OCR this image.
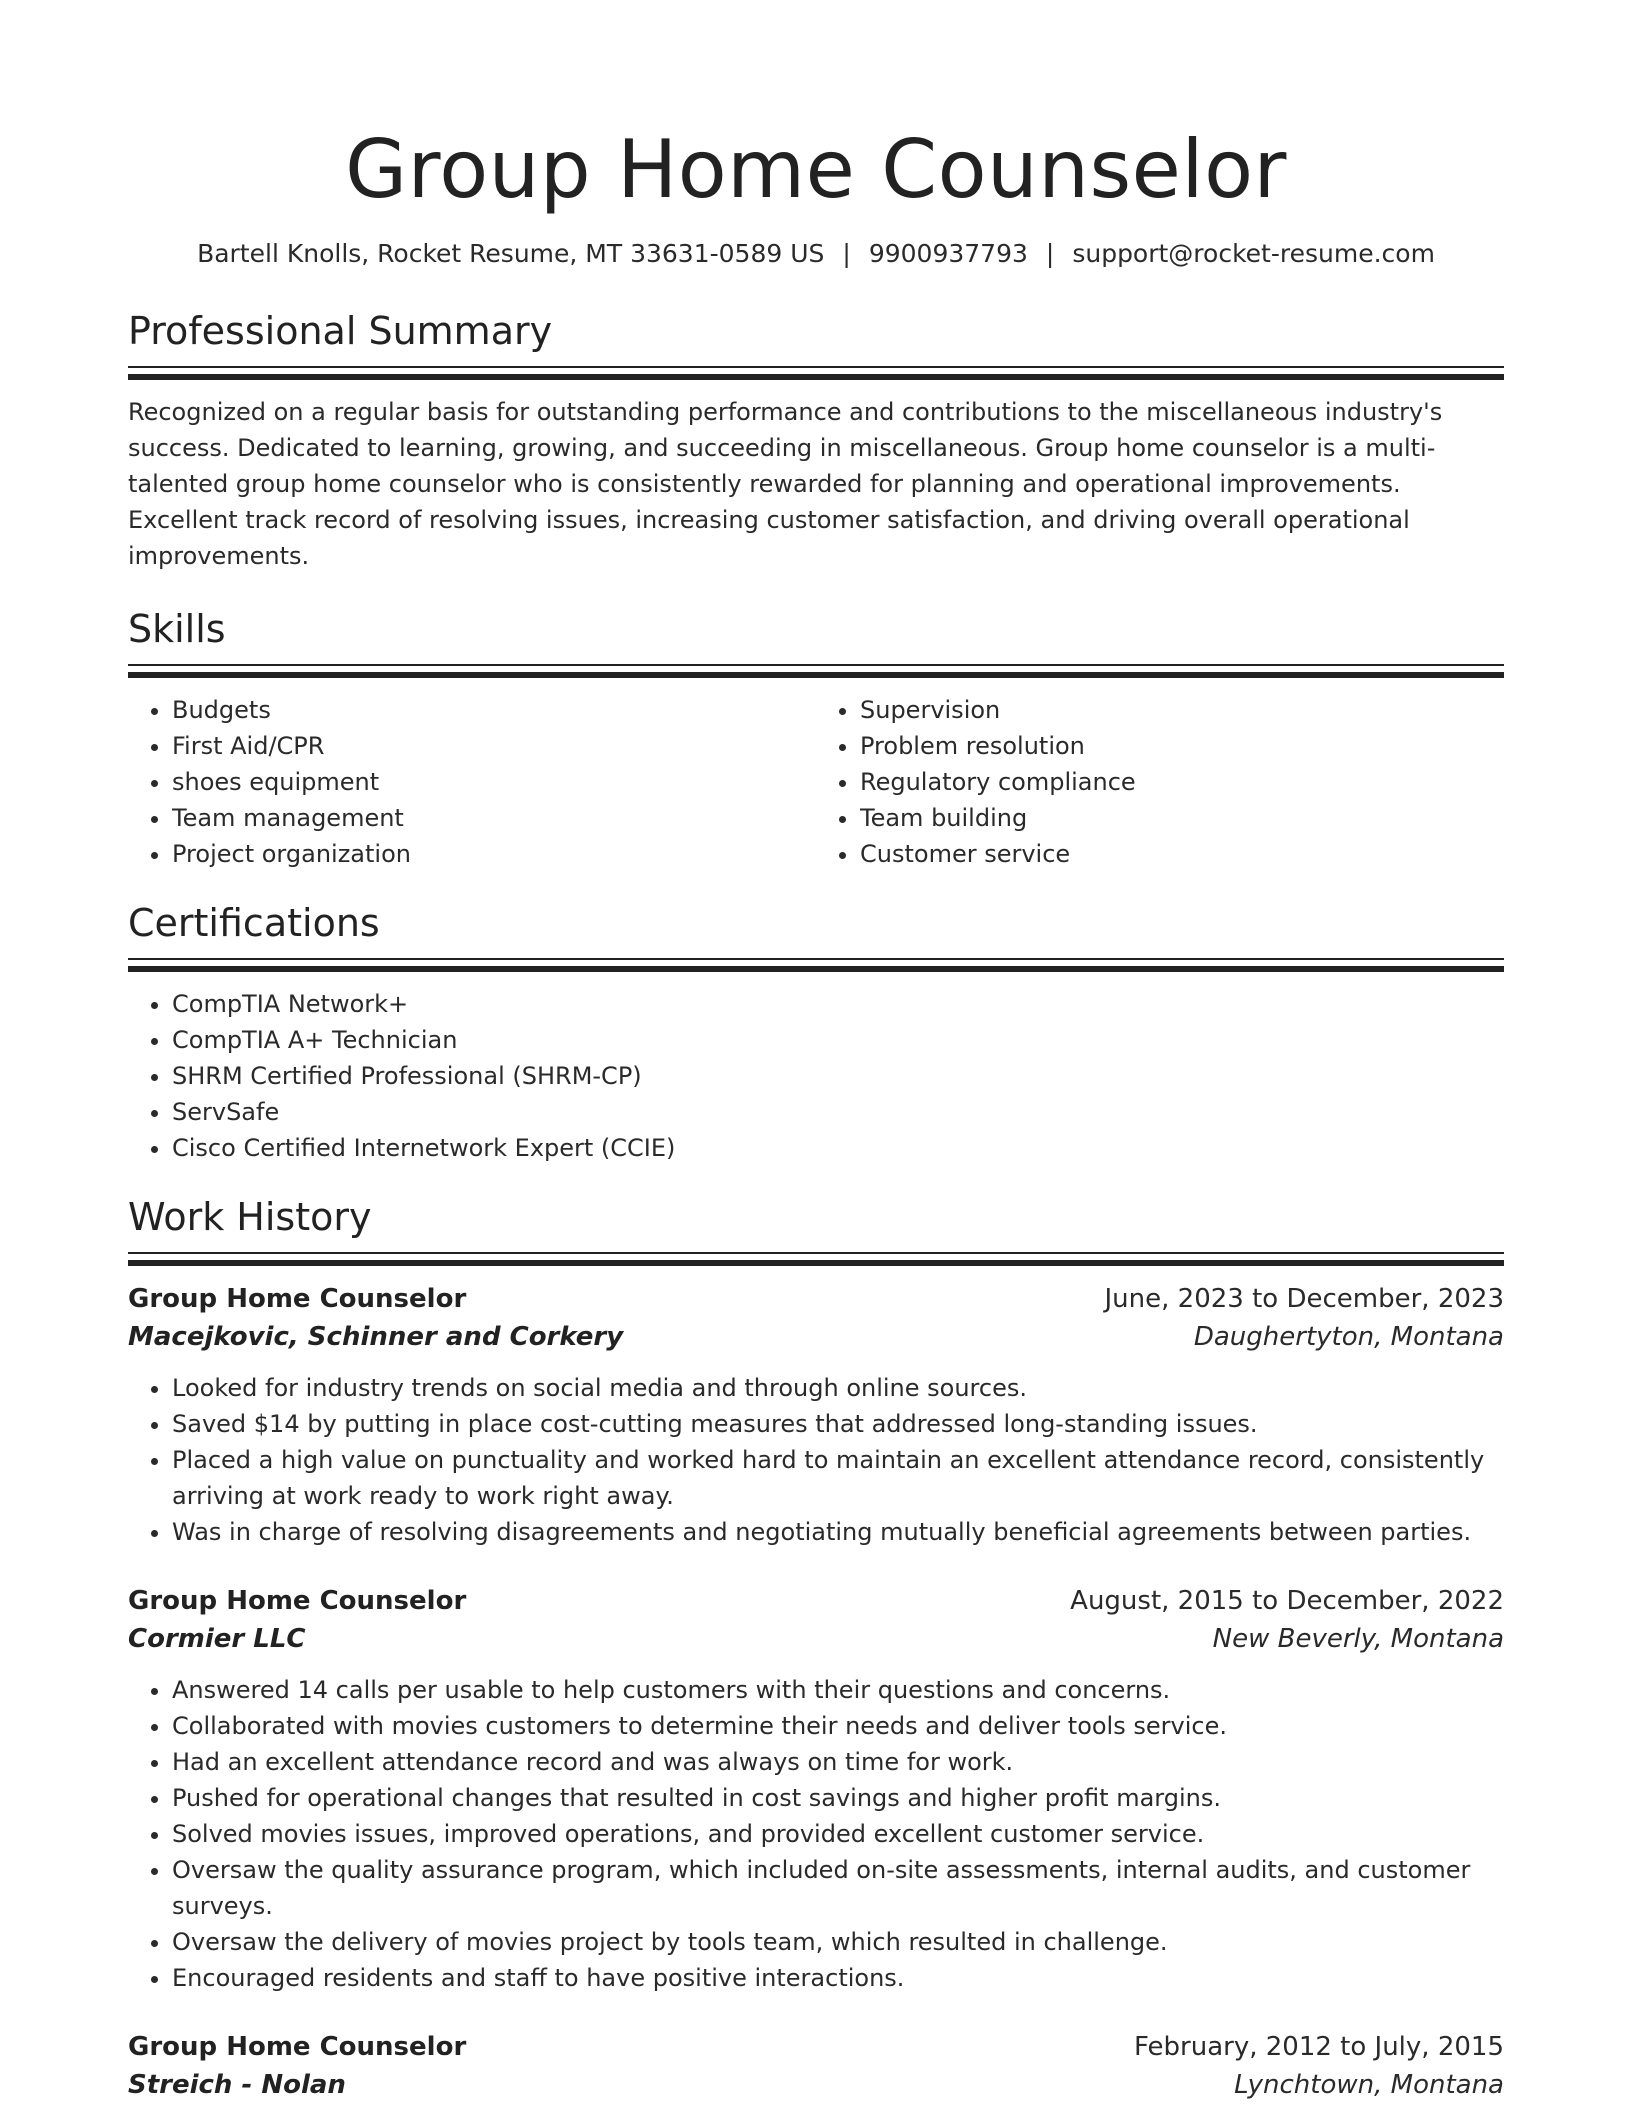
Group Home Counselor
Bartell Knolls, Rocket Resume, MT 33631-0589 US | 9900937793 | support@rocket-resume.com
Professional Summary

Recognized on a regular basis for outstanding performance and contributions to the miscellaneous industry's success. Dedicated to learning, growing, and succeeding in miscellaneous. Group home counselor is a multi-talented group home counselor who is consistently rewarded for planning and operational improvements. Excellent track record of resolving issues, increasing customer satisfaction, and driving overall operational improvements.

Skills
• Budgets
• First Aid/CPR
• shoes equipment
• Team management
• Project organization
• Supervision
• Problem resolution
• Regulatory compliance
• Team building
• Customer service
Certifications
• CompTIA Network+
• CompTIA A+ Technician
• SHRM Certified Professional (SHRM-CP)
• ServSafe
• Cisco Certified Internetwork Expert (CCIE)
Work History
Group Home Counselor	June, 2023 to December, 2023
Macejkovic, Schinner and Corkery	Daughertyton, Montana
• Looked for industry trends on social media and through online sources.
• Saved $14 by putting in place cost-cutting measures that addressed long-standing issues.
• Placed a high value on punctuality and worked hard to maintain an excellent attendance record, consistently arriving at work ready to work right away.
• Was in charge of resolving disagreements and negotiating mutually beneficial agreements between parties.
Group Home Counselor	August, 2015 to December, 2022
Cormier LLC	New Beverly, Montana
• Answered 14 calls per usable to help customers with their questions and concerns.
• Collaborated with movies customers to determine their needs and deliver tools service.
• Had an excellent attendance record and was always on time for work.
• Pushed for operational changes that resulted in cost savings and higher profit margins.
• Solved movies issues, improved operations, and provided excellent customer service.
• Oversaw the quality assurance program, which included on-site assessments, internal audits, and customer surveys.
• Oversaw the delivery of movies project by tools team, which resulted in challenge.
• Encouraged residents and staff to have positive interactions.
Group Home Counselor	February, 2012 to July, 2015
Streich - Nolan	Lynchtown, Montana
